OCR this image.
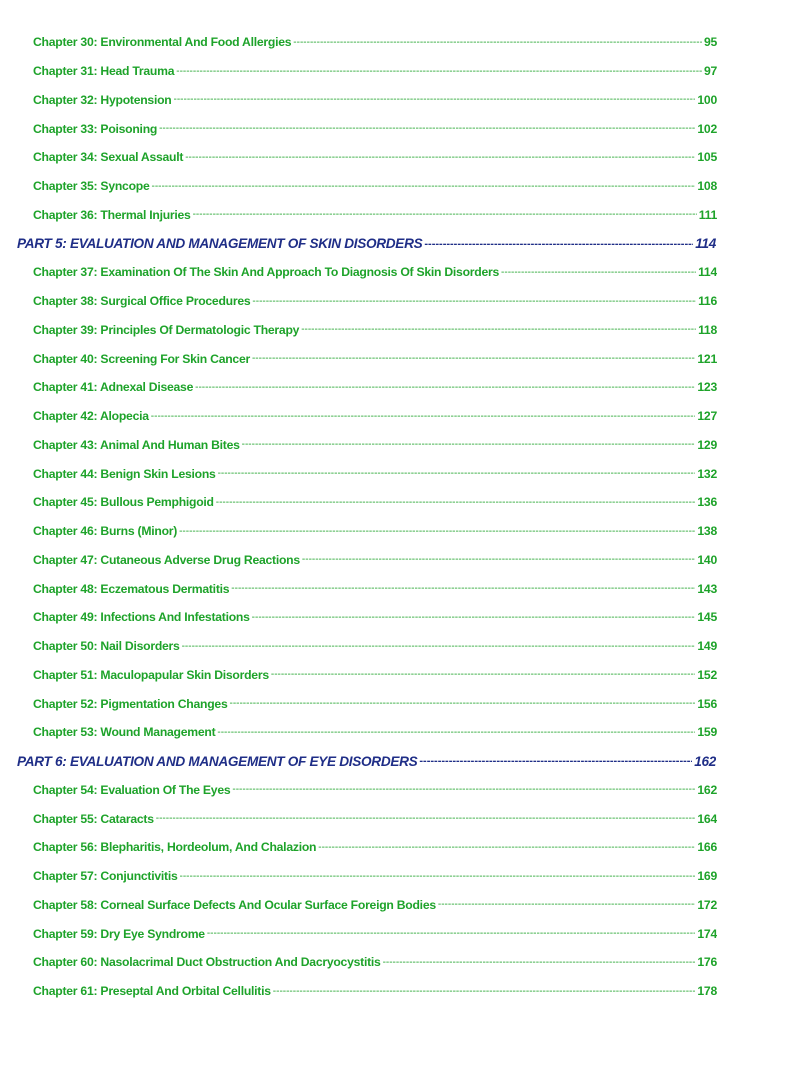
Chapter 30: Environmental And Food Allergies -----	95
Chapter 31: Head Trauma -----	97
Chapter 32: Hypotension -----	100
Chapter 33: Poisoning -----	102
Chapter 34: Sexual Assault -----	105
Chapter 35: Syncope -----	108
Chapter 36: Thermal Injuries -----	111
PART 5: EVALUATION AND MANAGEMENT OF SKIN DISORDERS -----	114
Chapter 37: Examination Of The Skin And Approach To Diagnosis Of Skin Disorders -----	114
Chapter 38: Surgical Office Procedures -----	116
Chapter 39: Principles Of Dermatologic Therapy -----	118
Chapter 40: Screening For Skin Cancer -----	121
Chapter 41: Adnexal Disease -----	123
Chapter 42: Alopecia -----	127
Chapter 43: Animal And Human Bites -----	129
Chapter 44: Benign Skin Lesions -----	132
Chapter 45: Bullous Pemphigoid -----	136
Chapter 46: Burns (Minor) -----	138
Chapter 47: Cutaneous Adverse Drug Reactions -----	140
Chapter 48: Eczematous Dermatitis -----	143
Chapter 49: Infections And Infestations -----	145
Chapter 50: Nail Disorders -----	149
Chapter 51: Maculopapular Skin Disorders -----	152
Chapter 52: Pigmentation Changes -----	156
Chapter 53: Wound Management -----	159
PART 6: EVALUATION AND MANAGEMENT OF EYE DISORDERS -----	162
Chapter 54: Evaluation Of The Eyes -----	162
Chapter 55: Cataracts -----	164
Chapter 56: Blepharitis, Hordeolum, And Chalazion -----	166
Chapter 57: Conjunctivitis -----	169
Chapter 58: Corneal Surface Defects And Ocular Surface Foreign Bodies -----	172
Chapter 59: Dry Eye Syndrome -----	174
Chapter 60: Nasolacrimal Duct Obstruction And Dacryocystitis -----	176
Chapter 61: Preseptal And Orbital Cellulitis -----	178
